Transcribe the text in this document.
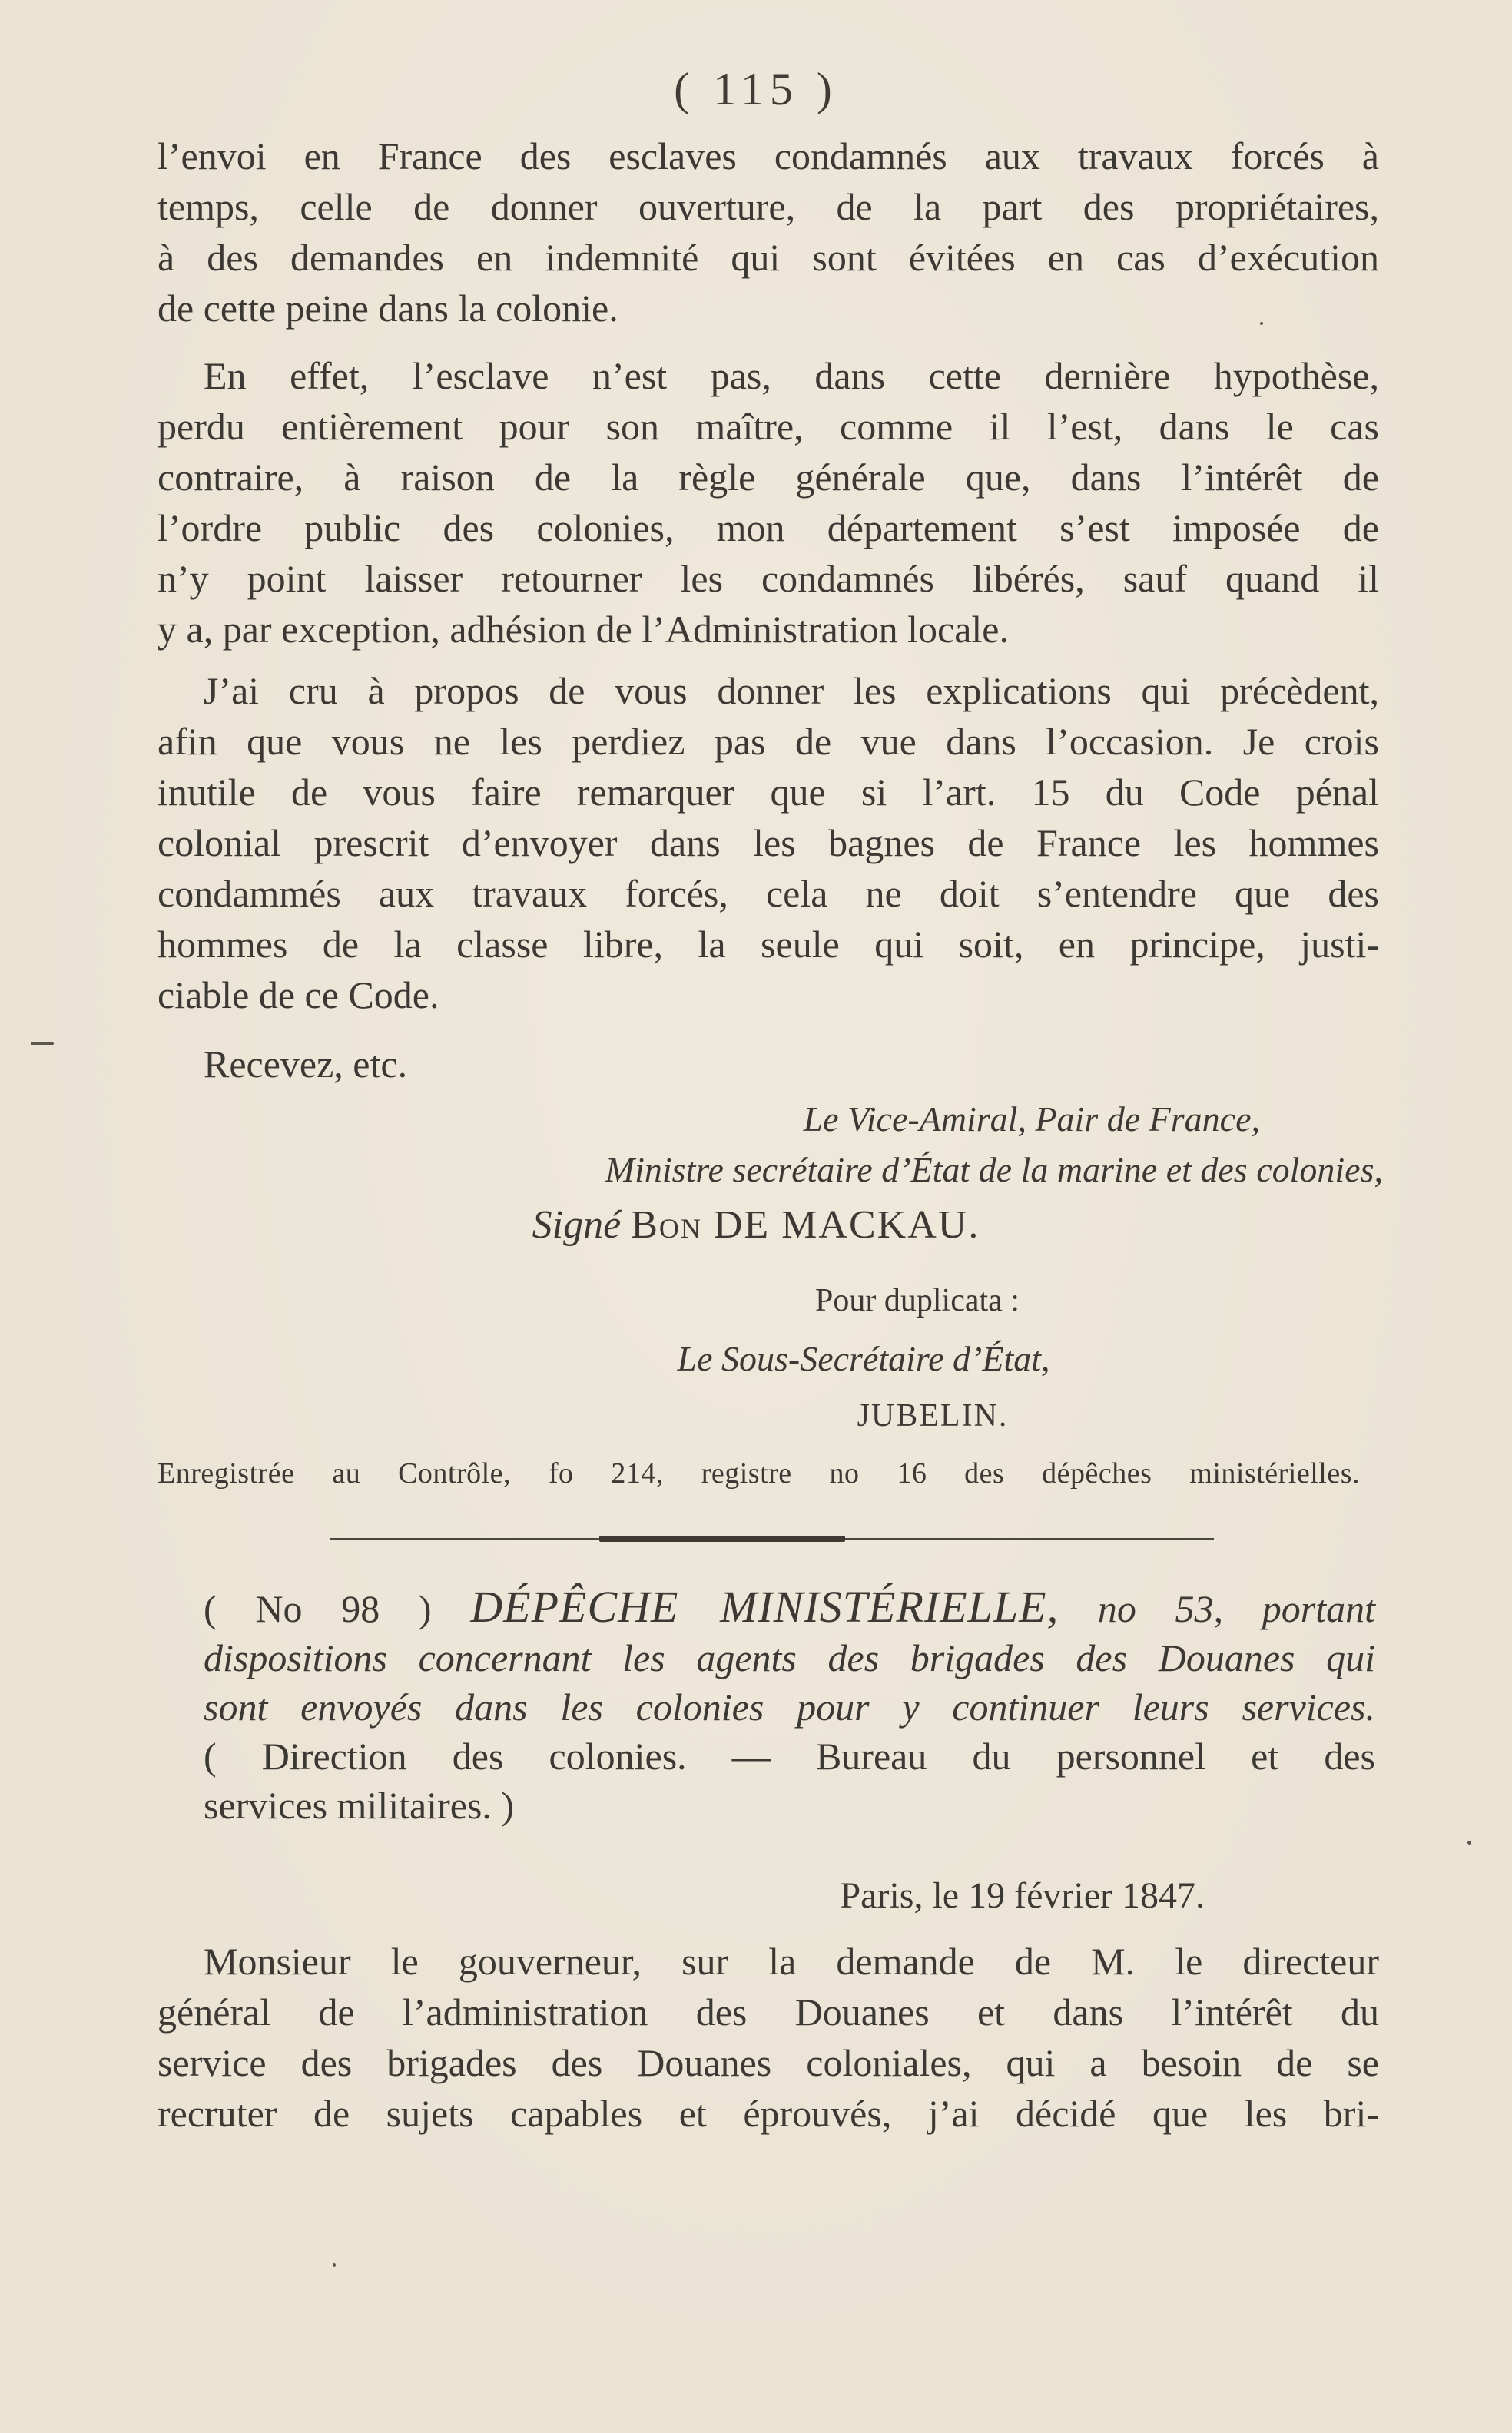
( 115 )

l’envoi en France des esclaves condamnés aux travaux forcés à

temps, celle de donner ouverture, de la part des propriétaires,

à des demandes en indemnité qui sont évitées en cas d’exécution

de cette peine dans la colonie.

En effet, l’esclave n’est pas, dans cette dernière hypothèse,

perdu entièrement pour son maître, comme il l’est, dans le cas

contraire, à raison de la règle générale que, dans l’intérêt de

l’ordre public des colonies, mon département s’est imposée de

n’y point laisser retourner les condamnés libérés, sauf quand il

y a, par exception, adhésion de l’Administration locale.

J’ai cru à propos de vous donner les explications qui précèdent,

afin que vous ne les perdiez pas de vue dans l’occasion. Je crois

inutile de vous faire remarquer que si l’art. 15 du Code pénal

colonial prescrit d’envoyer dans les bagnes de France les hommes

condammés aux travaux forcés, cela ne doit s’entendre que des

hommes de la classe libre, la seule qui soit, en principe, justi-

ciable de ce Code.

Recevez, etc.

Le Vice-Amiral, Pair de France,
Ministre secrétaire d’État de la marine et des colonies,
Signé Bon DE MACKAU.
Pour duplicata :
Le Sous-Secrétaire d’État,
JUBELIN.
Enregistrée au Contrôle, fo 214, registre no 16 des dépêches ministérielles.

( No 98 ) DÉPÊCHE MINISTÉRIELLE, no 53, portant

dispositions concernant les agents des brigades des Douanes qui

sont envoyés dans les colonies pour y continuer leurs services.

( Direction des colonies. — Bureau du personnel et des

services militaires. )

Paris, le 19 février 1847.

Monsieur le gouverneur, sur la demande de M. le directeur

général de l’administration des Douanes et dans l’intérêt du

service des brigades des Douanes coloniales, qui a besoin de se

recruter de sujets capables et éprouvés, j’ai décidé que les bri-
